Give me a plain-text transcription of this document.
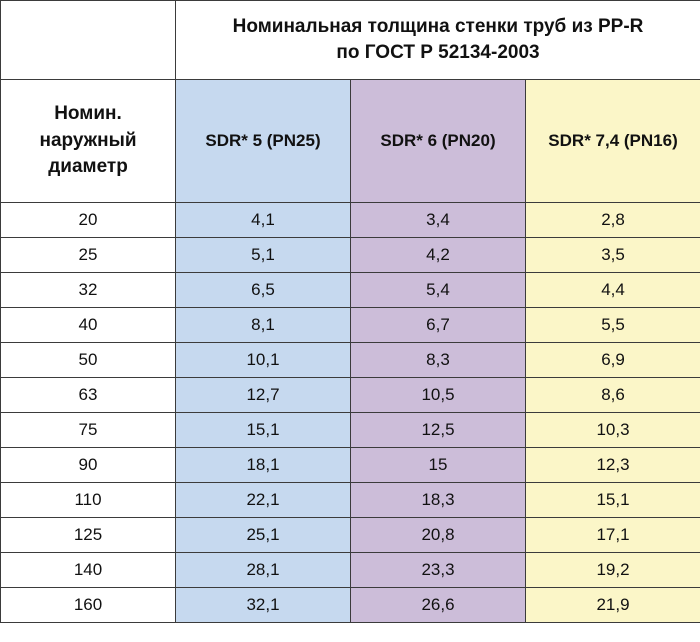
	Номинальная толщина стенки труб из PP-R
по ГОСТ Р 52134-2003		

Номин.
наружный
диаметр	SDR* 5 (PN25)	SDR* 6 (PN20)	SDR* 7,4 (PN16)
20	4,1	3,4	2,8
25	5,1	4,2	3,5
32	6,5	5,4	4,4
40	8,1	6,7	5,5
50	10,1	8,3	6,9
63	12,7	10,5	8,6
75	15,1	12,5	10,3
90	18,1	15	12,3
110	22,1	18,3	15,1
125	25,1	20,8	17,1
140	28,1	23,3	19,2
160	32,1	26,6	21,9
